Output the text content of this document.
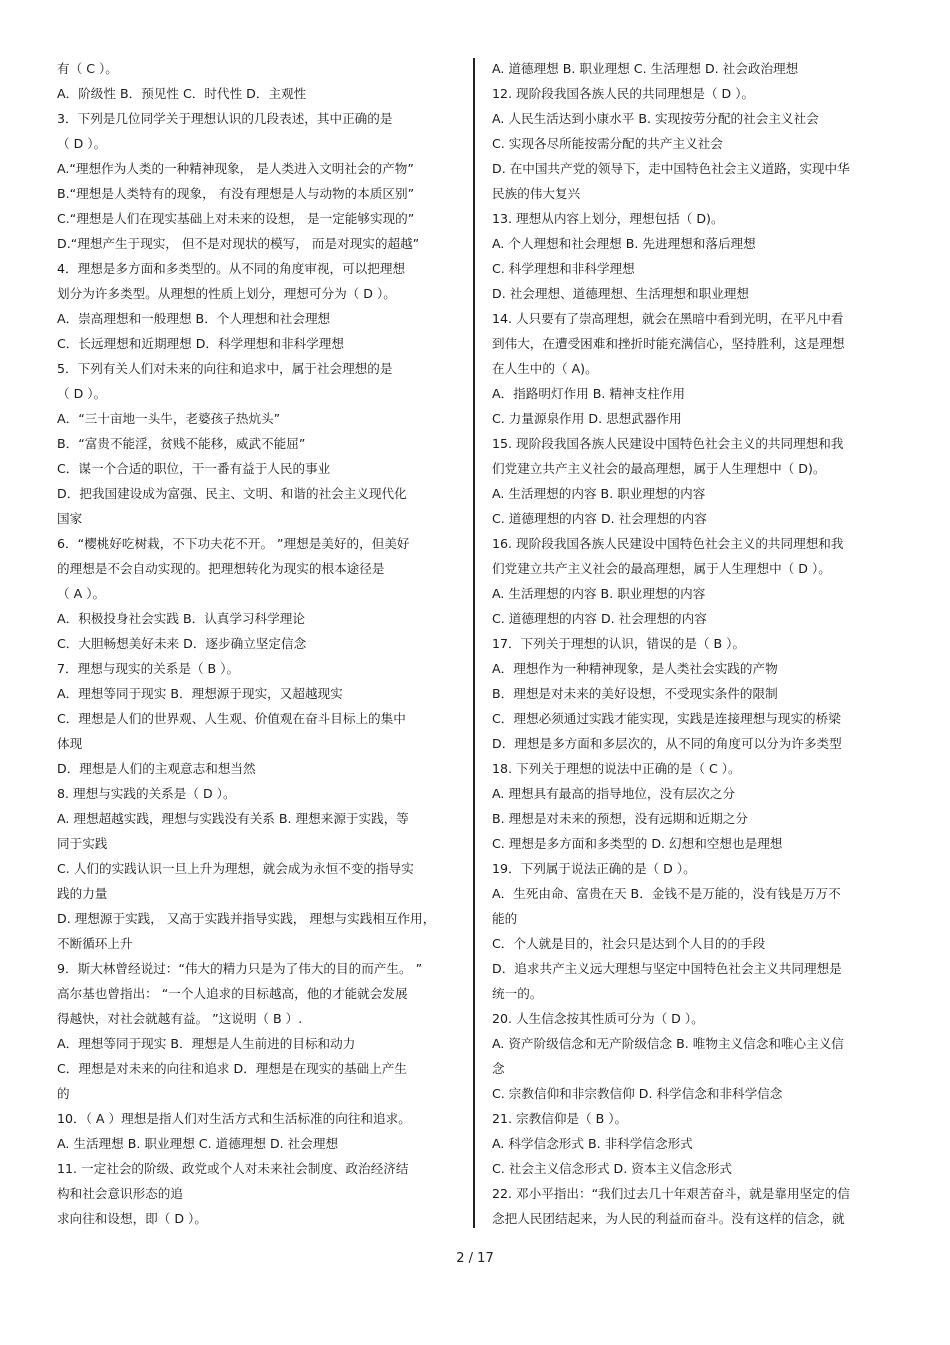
有（ C ）。
A．阶级性 B．预见性 C．时代性 D．主观性
3．下列是几位同学关于理想认识的几段表述，其中正确的是
（ D ）。
A.“理想作为人类的一种精神现象， 是人类进入文明社会的产物”
B.“理想是人类特有的现象， 有没有理想是人与动物的本质区别”
C.“理想是人们在现实基础上对未来的设想， 是一定能够实现的”
D.“理想产生于现实， 但不是对现状的模写， 而是对现实的超越”
4．理想是多方面和多类型的。从不同的角度审视，可以把理想
划分为许多类型。从理想的性质上划分，理想可分为（ D ）。
A．崇高理想和一般理想 B．个人理想和社会理想
C．长远理想和近期理想 D．科学理想和非科学理想
5．下列有关人们对未来的向往和追求中，属于社会理想的是
（ D ）。
A．“三十亩地一头牛，老婆孩子热炕头”
B．“富贵不能淫，贫贱不能移，威武不能屈”
C．谋一个合适的职位，干一番有益于人民的事业
D．把我国建设成为富强、民主、文明、和谐的社会主义现代化
国家
6．“樱桃好吃树栽，不下功夫花不开。 ”理想是美好的，但美好
的理想是不会自动实现的。把理想转化为现实的根本途径是
（ A ）。
A．积极投身社会实践 B．认真学习科学理论
C．大胆畅想美好未来 D．逐步确立坚定信念
7．理想与现实的关系是（ B ）。
A．理想等同于现实 B．理想源于现实，又超越现实
C．理想是人们的世界观、人生观、价值观在奋斗目标上的集中
体现
D．理想是人们的主观意志和想当然
8. 理想与实践的关系是（ D ）。
A. 理想超越实践，理想与实践没有关系 B. 理想来源于实践，等
同于实践
C. 人们的实践认识一旦上升为理想，就会成为永恒不变的指导实
践的力量
D. 理想源于实践， 又高于实践并指导实践， 理想与实践相互作用，
不断循环上升
9．斯大林曾经说过：“伟大的精力只是为了伟大的目的而产生。 ”
高尔基也曾指出： “一个人追求的目标越高，他的才能就会发展
得越快，对社会就越有益。 ”这说明（ B ）.
A．理想等同于现实 B．理想是人生前进的目标和动力
C．理想是对未来的向往和追求 D．理想是在现实的基础上产生
的
10．（ A ）理想是指人们对生活方式和生活标准的向往和追求。
A. 生活理想 B. 职业理想 C. 道德理想 D. 社会理想
11. 一定社会的阶级、政党或个人对未来社会制度、政治经济结
构和社会意识形态的追
求向往和设想，即（ D ）。
A. 道德理想 B. 职业理想 C. 生活理想 D. 社会政治理想
12. 现阶段我国各族人民的共同理想是（ D ）。
A. 人民生活达到小康水平 B. 实现按劳分配的社会主义社会
C. 实现各尽所能按需分配的共产主义社会
D. 在中国共产党的领导下，走中国特色社会主义道路，实现中华
民族的伟大复兴
13. 理想从内容上划分，理想包括（ D)。
A. 个人理想和社会理想 B. 先进理想和落后理想
C. 科学理想和非科学理想
D. 社会理想、道德理想、生活理想和职业理想
14. 人只要有了崇高理想，就会在黑暗中看到光明，在平凡中看
到伟大，在遭受困难和挫折时能充满信心，坚持胜利，这是理想
在人生中的（ A)。
A．指路明灯作用 B. 精神支柱作用
C. 力量源泉作用 D. 思想武器作用
15. 现阶段我国各族人民建设中国特色社会主义的共同理想和我
们党建立共产主义社会的最高理想，属于人生理想中（ D)。
A. 生活理想的内容 B. 职业理想的内容
C. 道德理想的内容 D. 社会理想的内容
16. 现阶段我国各族人民建设中国特色社会主义的共同理想和我
们党建立共产主义社会的最高理想，属于人生理想中（ D ）。
A. 生活理想的内容 B. 职业理想的内容
C. 道德理想的内容 D. 社会理想的内容
17．下列关于理想的认识，错误的是（ B ）。
A．理想作为一种精神现象，是人类社会实践的产物
B．理想是对未来的美好设想，不受现实条件的限制
C．理想必须通过实践才能实现，实践是连接理想与现实的桥梁
D．理想是多方面和多层次的，从不同的角度可以分为许多类型
18. 下列关于理想的说法中正确的是（ C ）。
A. 理想具有最高的指导地位，没有层次之分
B. 理想是对未来的预想，没有远期和近期之分
C. 理想是多方面和多类型的 D. 幻想和空想也是理想
19．下列属于说法正确的是（ D ）。
A．生死由命、富贵在天 B．金钱不是万能的，没有钱是万万不
能的
C．个人就是目的，社会只是达到个人目的的手段
D．追求共产主义远大理想与坚定中国特色社会主义共同理想是
统一的。
20. 人生信念按其性质可分为（ D ）。
A. 资产阶级信念和无产阶级信念 B. 唯物主义信念和唯心主义信
念
C. 宗教信仰和非宗教信仰 D. 科学信念和非科学信念
21. 宗教信仰是（ B ）。
A. 科学信念形式 B. 非科学信念形式
C. 社会主义信念形式 D. 资本主义信念形式
22. 邓小平指出：“我们过去几十年艰苦奋斗，就是靠用坚定的信
念把人民团结起来，为人民的利益而奋斗。没有这样的信念，就
2 / 17
